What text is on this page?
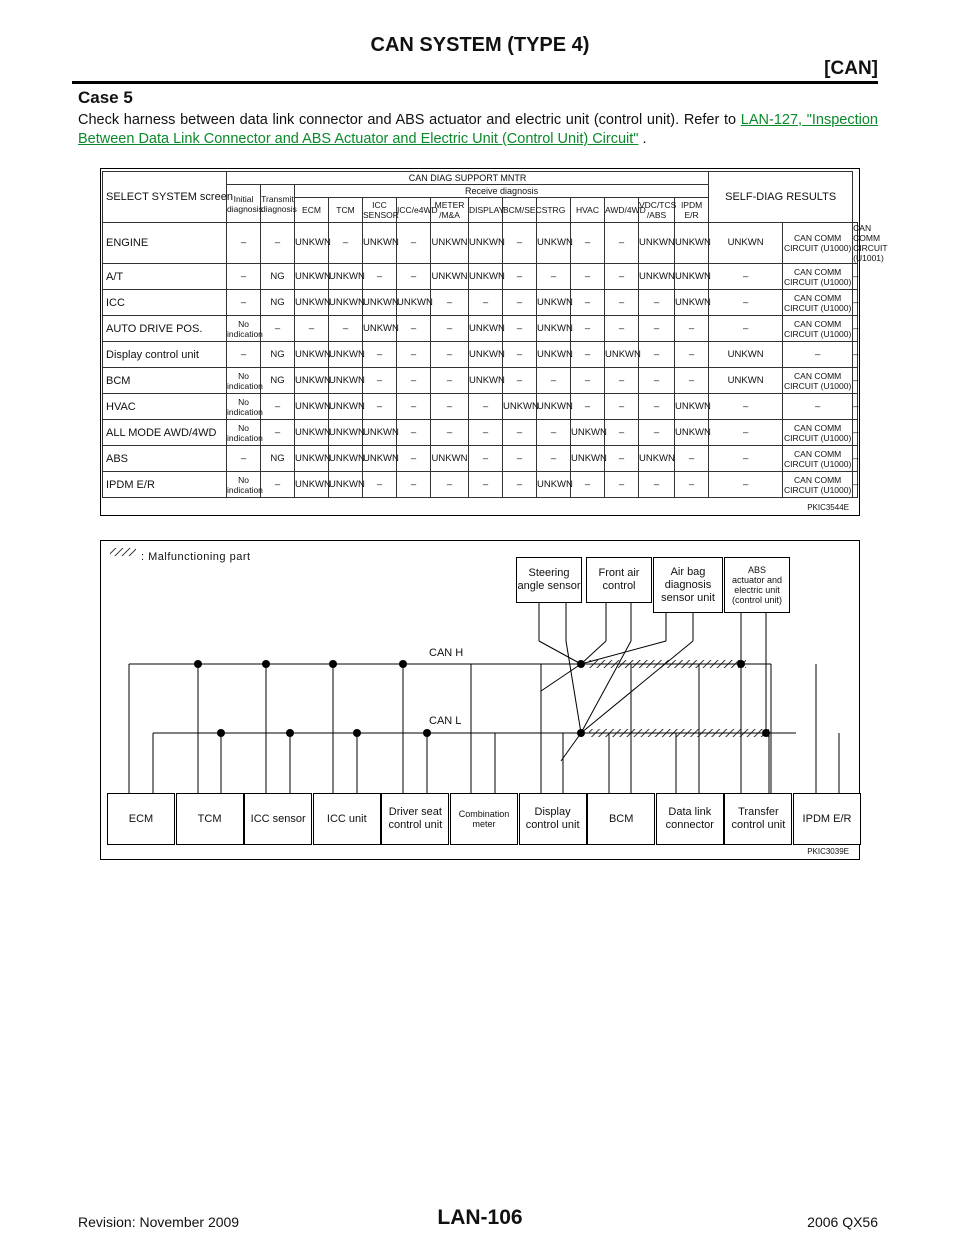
CAN SYSTEM (TYPE 4)
[CAN]
Case 5
Check harness between data link connector and ABS actuator and electric unit (control unit). Refer to LAN-127, "Inspection Between Data Link Connector and ABS Actuator and Electric Unit (Control Unit) Circuit" .
SELECT SYSTEM screen	CAN DIAG SUPPORT MNTR														SELF-DIAG RESULTS		
	Initial diagnosis	Transmit diagnosis	Receive diagnosis														
			ECM	TCM	ICC SENSOR	ICC/e4WD	METER /M&A	DISPLAY	BCM/SEC	STRG	HVAC	AWD/4WD	VDC/TCS /ABS	IPDM E/R			
ENGINE	–	–	UNKWN	–	UNKWN	–	UNKWN	UNKWN	–	UNKWN	–	–	UNKWN	UNKWN	UNKWN	CAN COMM CIRCUIT (U1000)	CAN COMM CIRCUIT (U1001)
A/T	–	NG	UNKWN	UNKWN	–	–	UNKWN	UNKWN	–	–	–	–	UNKWN	UNKWN	–	CAN COMM CIRCUIT (U1000)	–
ICC	–	NG	UNKWN	UNKWN	UNKWN	UNKWN	–	–	–	UNKWN	–	–	–	UNKWN	–	CAN COMM CIRCUIT (U1000)	–
AUTO DRIVE POS.	No indication	–	–	–	UNKWN	–	–	UNKWN	–	UNKWN	–	–	–	–	–	CAN COMM CIRCUIT (U1000)	–
Display control unit	–	NG	UNKWN	UNKWN	–	–	–	UNKWN	–	UNKWN	–	UNKWN	–	–	UNKWN	–	–
BCM	No indication	NG	UNKWN	UNKWN	–	–	–	UNKWN	–	–	–	–	–	–	UNKWN	CAN COMM CIRCUIT (U1000)	–
HVAC	No indication	–	UNKWN	UNKWN	–	–	–	–	UNKWN	UNKWN	–	–	–	UNKWN	–	–	–
ALL MODE AWD/4WD	No indication	–	UNKWN	UNKWN	UNKWN	–	–	–	–	–	UNKWN	–	–	UNKWN	–	CAN COMM CIRCUIT (U1000)	–
ABS	–	NG	UNKWN	UNKWN	UNKWN	–	UNKWN	–	–	–	UNKWN	–	UNKWN	–	–	CAN COMM CIRCUIT (U1000)	–
IPDM E/R	No indication	–	UNKWN	UNKWN	–	–	–	–	–	UNKWN	–	–	–	–	–	CAN COMM CIRCUIT (U1000)	–
PKIC3544E
: Malfunctioning part
CAN H
CAN L
Steering
angle sensor
Front air
control
Air bag
diagnosis
sensor unit
ABS
actuator and
electric unit
(control unit)
ECM	TCM	ICC sensor	ICC unit
Driver seat
control unit
Combination
meter
Display
control unit
BCM
Data link
connector
Transfer
control unit
IPDM E/R
PKIC3039E
Revision: November 2009	LAN-106	2006 QX56
